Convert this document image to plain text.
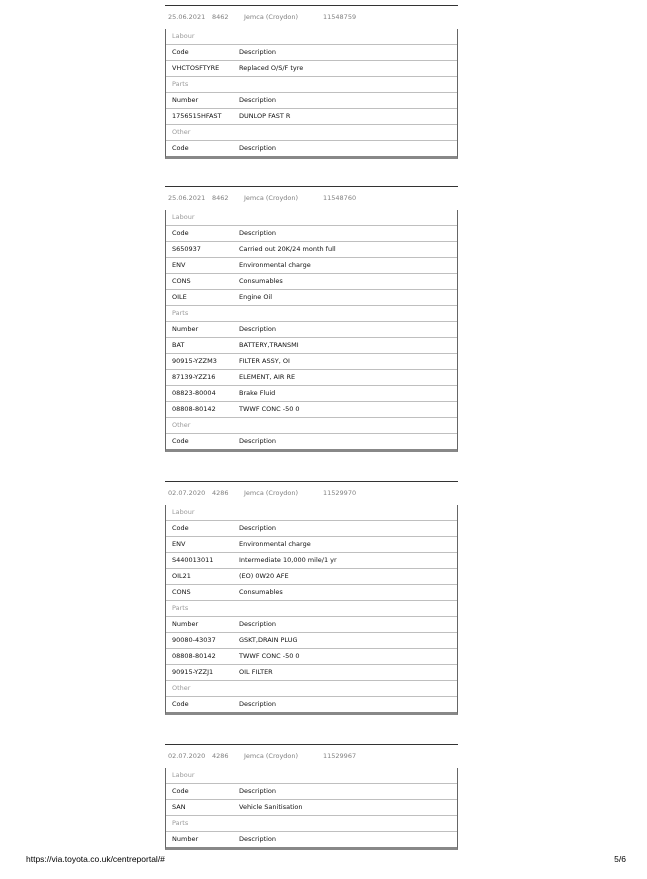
25.06.2021 8462 Jemca (Croydon)	11548759
Labour
Code	Description
VHCTOSFTYRE	Replaced O/S/F tyre
Parts
Number	Description
1756515HFAST	DUNLOP FAST R
Other
Code	Description
25.06.2021 8462 Jemca (Croydon)	11548760
Labour
Code	Description
S650937	Carried out 20K/24 month full
ENV	Environmental charge
CONS	Consumables
OILE	Engine Oil
Parts
Number	Description
BAT	BATTERY,TRANSMI
90915-YZZM3	FILTER ASSY, OI
87139-YZZ16	ELEMENT, AIR RE
08823-80004	Brake Fluid
08808-80142	TWWF CONC -50 0
Other
Code	Description
02.07.2020 4286 Jemca (Croydon)	11529970
Labour
Code	Description
ENV	Environmental charge
S440013011	Intermediate 10,000 mile/1 yr
OIL21	(EO) 0W20 AFE
CONS	Consumables
Parts
Number	Description
90080-43037	GSKT,DRAIN PLUG
08808-80142	TWWF CONC -50 0
90915-YZZJ1	OIL FILTER
Other
Code	Description
02.07.2020 4286 Jemca (Croydon)	11529967
Labour
Code	Description
SAN	Vehicle Sanitisation
Parts
Number	Description
https://via.toyota.co.uk/centreportal/#	5/6
